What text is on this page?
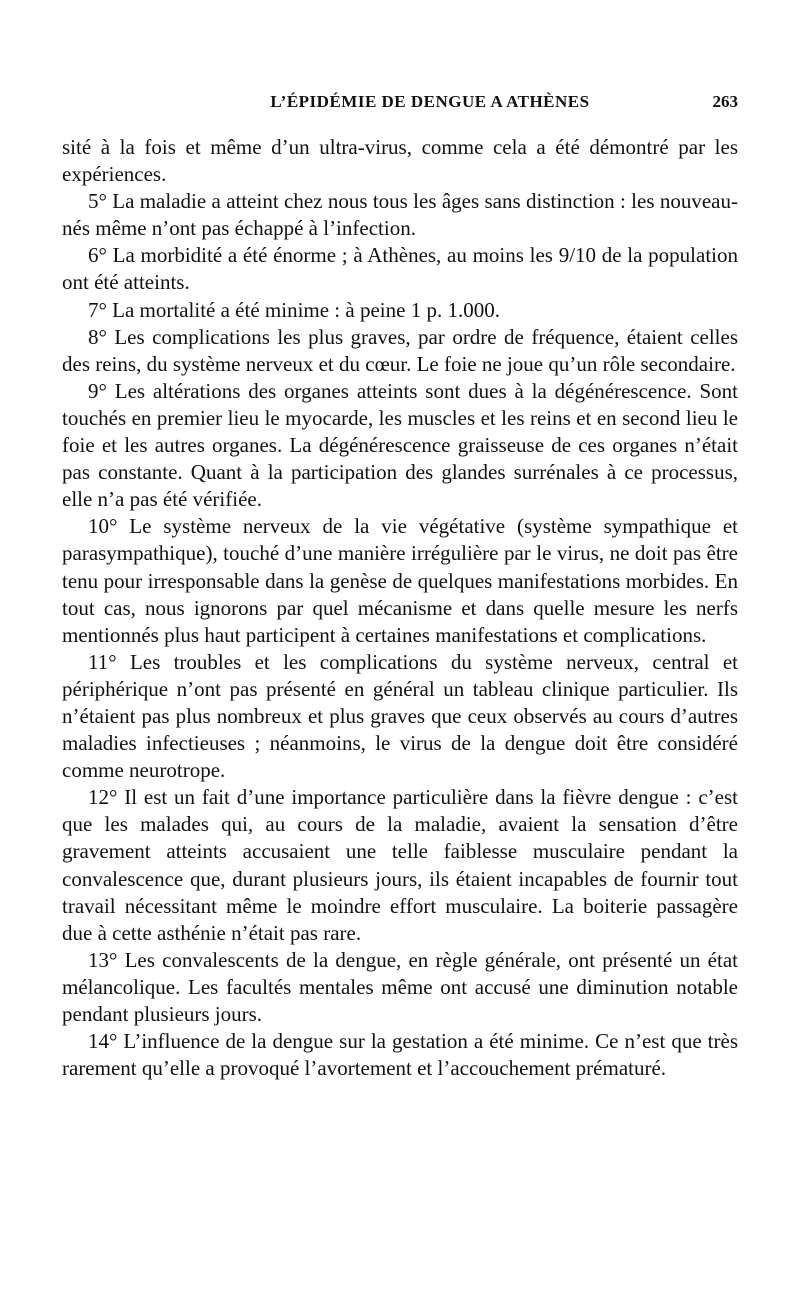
L’ÉPIDÉMIE DE DENGUE A ATHÈNES	263

sité à la fois et même d’un ultra-virus, comme cela a été démontré par les expériences.

5° La maladie a atteint chez nous tous les âges sans distinction : les nouveau-nés même n’ont pas échappé à l’infection.

6° La morbidité a été énorme ; à Athènes, au moins les 9/10 de la population ont été atteints.

7° La mortalité a été minime : à peine 1 p. 1.000.

8° Les complications les plus graves, par ordre de fréquence, étaient celles des reins, du système nerveux et du cœur. Le foie ne joue qu’un rôle secondaire.

9° Les altérations des organes atteints sont dues à la dégénérescence. Sont touchés en premier lieu le myocarde, les muscles et les reins et en second lieu le foie et les autres organes. La dégénérescence graisseuse de ces organes n’était pas constante. Quant à la participation des glandes surrénales à ce processus, elle n’a pas été vérifiée.

10° Le système nerveux de la vie végétative (système sympathique et parasympathique), touché d’une manière irrégulière par le virus, ne doit pas être tenu pour irresponsable dans la genèse de quelques manifestations morbides. En tout cas, nous ignorons par quel mécanisme et dans quelle mesure les nerfs mentionnés plus haut participent à certaines manifestations et complications.

11° Les troubles et les complications du système nerveux, central et périphérique n’ont pas présenté en général un tableau clinique particulier. Ils n’étaient pas plus nombreux et plus graves que ceux observés au cours d’autres maladies infectieuses ; néanmoins, le virus de la dengue doit être considéré comme neurotrope.

12° Il est un fait d’une importance particulière dans la fièvre dengue : c’est que les malades qui, au cours de la maladie, avaient la sensation d’être gravement atteints accusaient une telle faiblesse musculaire pendant la convalescence que, durant plusieurs jours, ils étaient incapables de fournir tout travail nécessitant même le moindre effort musculaire. La boiterie passagère due à cette asthénie n’était pas rare.

13° Les convalescents de la dengue, en règle générale, ont présenté un état mélancolique. Les facultés mentales même ont accusé une diminution notable pendant plusieurs jours.

14° L’influence de la dengue sur la gestation a été minime. Ce n’est que très rarement qu’elle a provoqué l’avortement et l’accouchement prématuré.
